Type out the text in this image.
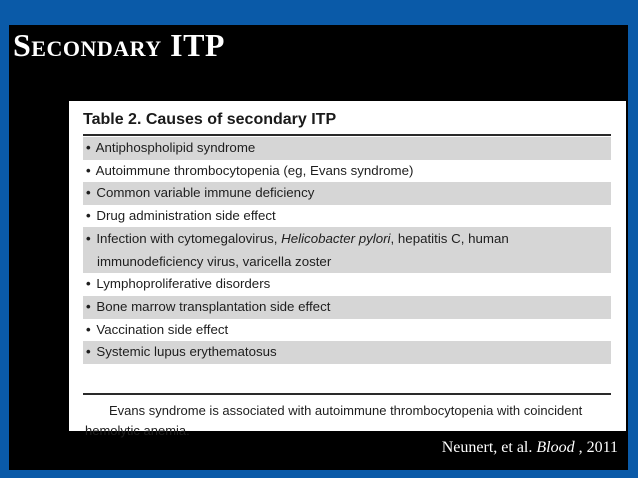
Secondary ITP
Table 2. Causes of secondary ITP
• Antiphospholipid syndrome
• Autoimmune thrombocytopenia (eg, Evans syndrome)
• Common variable immune deficiency
• Drug administration side effect
• Infection with cytomegalovirus, Helicobacter pylori, hepatitis C, human
immunodeficiency virus, varicella zoster
• Lymphoproliferative disorders
• Bone marrow transplantation side effect
• Vaccination side effect
• Systemic lupus erythematosus
Evans syndrome is associated with autoimmune thrombocytopenia with coincident hemolytic anemia.
Neunert, et al. Blood , 2011
